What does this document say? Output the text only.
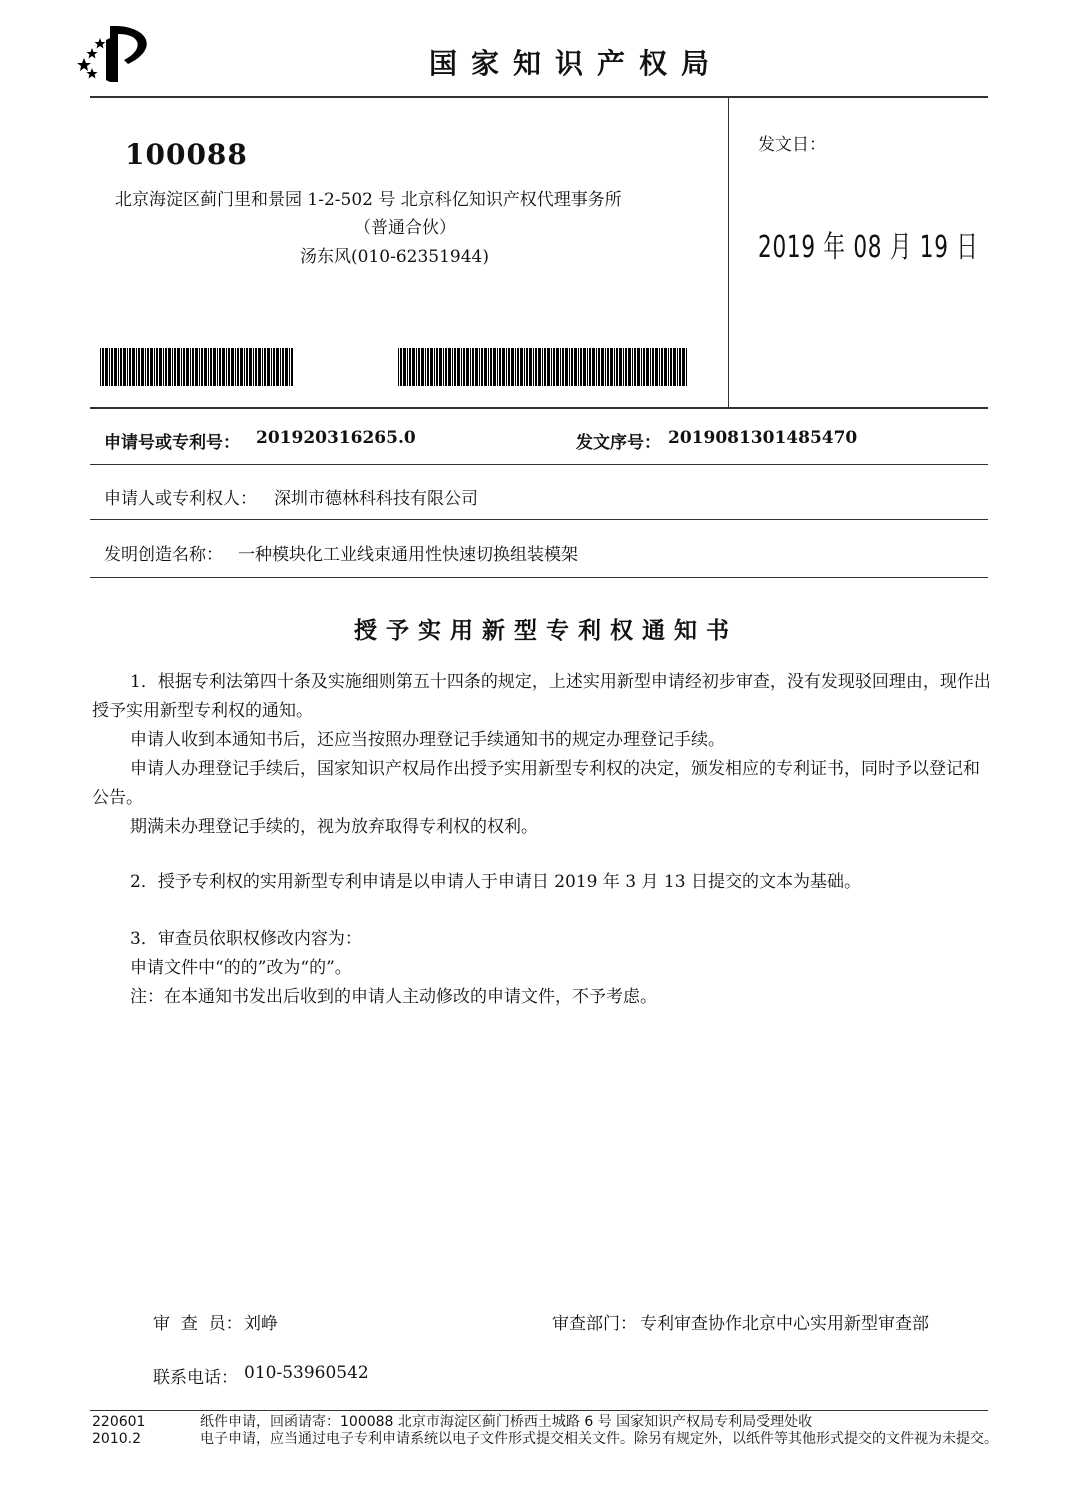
国家知识产权局
100088
北京海淀区蓟门里和景园 1-2-502 号 北京科亿知识产权代理事务所
（普通合伙）
汤东风(010-62351944)
发文日：
2019 年 08 月 19 日
申请号或专利号： 201920316265.0	发文序号： 2019081301485470
申请人或专利权人： 深圳市德林科科技有限公司
发明创造名称： 一种模块化工业线束通用性快速切换组装模架
授予实用新型专利权通知书
1．根据专利法第四十条及实施细则第五十四条的规定，上述实用新型申请经初步审查，没有发现驳回理由，现作出授予实用新型专利权的通知。
申请人收到本通知书后，还应当按照办理登记手续通知书的规定办理登记手续。
申请人办理登记手续后，国家知识产权局作出授予实用新型专利权的决定，颁发相应的专利证书，同时予以登记和公告。
期满未办理登记手续的，视为放弃取得专利权的权利。
2．授予专利权的实用新型专利申请是以申请人于申请日 2019 年 3 月 13 日提交的文本为基础。
3．审查员依职权修改内容为：
申请文件中“的的”改为“的”。
注：在本通知书发出后收到的申请人主动修改的申请文件，不予考虑。
审  查  员： 刘峥	审查部门： 专利审查协作北京中心实用新型审查部
联系电话： 010-53960542
220601
2010.2
纸件申请，回函请寄：100088 北京市海淀区蓟门桥西土城路 6 号 国家知识产权局专利局受理处收
电子申请，应当通过电子专利申请系统以电子文件形式提交相关文件。除另有规定外，以纸件等其他形式提交的文件视为未提交。
